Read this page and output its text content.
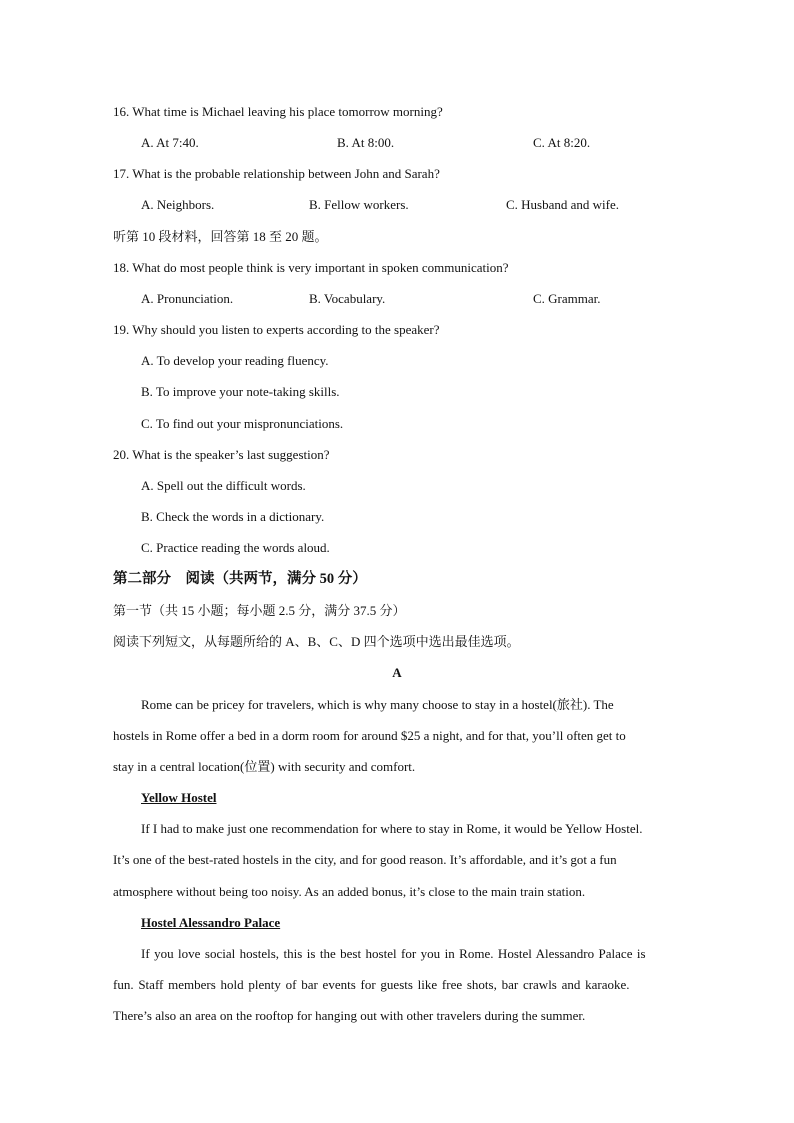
16. What time is Michael leaving his place tomorrow morning?
A. At 7:40.	B. At 8:00.	C. At 8:20.
17. What is the probable relationship between John and Sarah?
A. Neighbors.	B. Fellow workers.	C. Husband and wife.
听第 10 段材料，回答第 18 至 20 题。
18. What do most people think is very important in spoken communication?
A. Pronunciation.	B. Vocabulary.	C. Grammar.
19. Why should you listen to experts according to the speaker?
A. To develop your reading fluency.
B. To improve your note-taking skills.
C. To find out your mispronunciations.
20. What is the speaker’s last suggestion?
A. Spell out the difficult words.
B. Check the words in a dictionary.
C. Practice reading the words aloud.
第二部分　阅读（共两节，满分 50 分）
第一节（共 15 小题；每小题 2.5 分，满分 37.5 分）
阅读下列短文，从每题所给的 A、B、C、D 四个选项中选出最佳选项。
A
Rome can be pricey for travelers, which is why many choose to stay in a hostel(旅社). The
hostels in Rome offer a bed in a dorm room for around $25 a night, and for that, you’ll often get to
stay in a central location(位置) with security and comfort.
Yellow Hostel
If I had to make just one recommendation for where to stay in Rome, it would be Yellow Hostel.
It’s one of the best-rated hostels in the city, and for good reason. It’s affordable, and it’s got a fun
atmosphere without being too noisy. As an added bonus, it’s close to the main train station.
Hostel Alessandro Palace
If you love social hostels, this is the best hostel for you in Rome. Hostel Alessandro Palace is
fun. Staff members hold plenty of bar events for guests like free shots, bar crawls and karaoke.
There’s also an area on the rooftop for hanging out with other travelers during the summer.
